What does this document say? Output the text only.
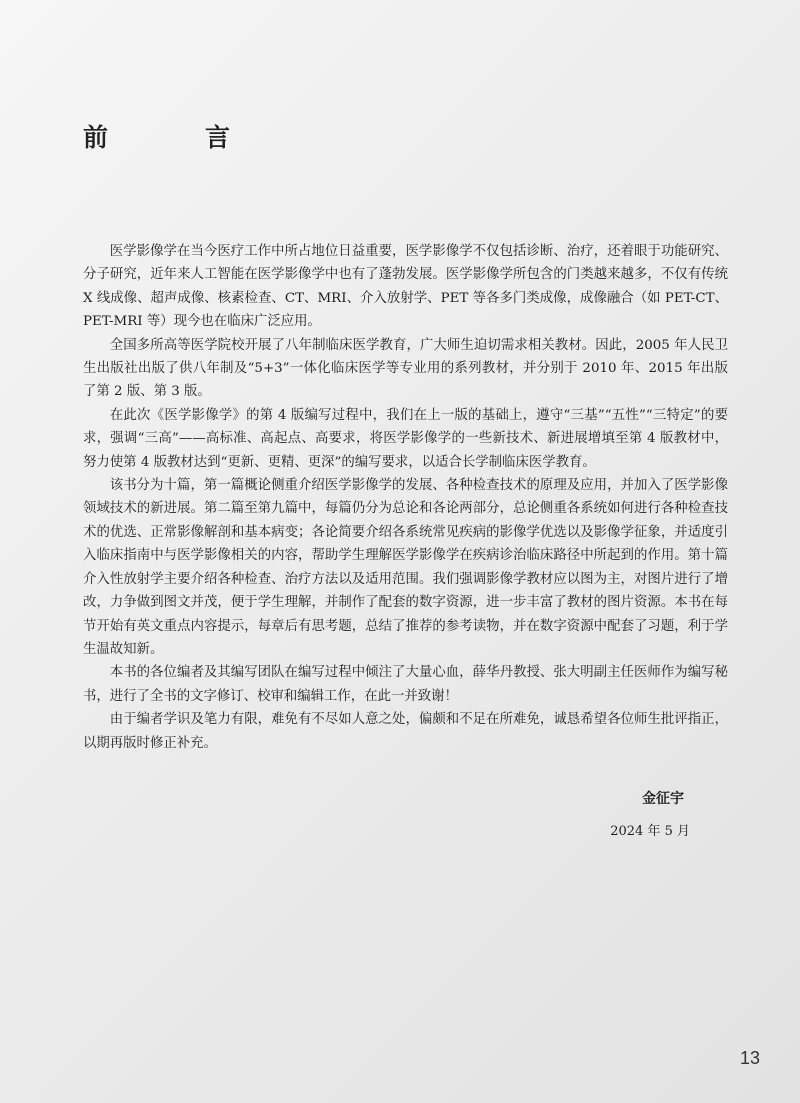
前　言

医学影像学在当今医疗工作中所占地位日益重要，医学影像学不仅包括诊断、治疗，还着眼于功能研究、分子研究，近年来人工智能在医学影像学中也有了蓬勃发展。医学影像学所包含的门类越来越多，不仅有传统 X 线成像、超声成像、核素检查、CT、MRI、介入放射学、PET 等各多门类成像，成像融合（如 PET-CT、PET-MRI 等）现今也在临床广泛应用。

全国多所高等医学院校开展了八年制临床医学教育，广大师生迫切需求相关教材。因此，2005 年人民卫生出版社出版了供八年制及“5+3”一体化临床医学等专业用的系列教材，并分别于 2010 年、2015 年出版了第 2 版、第 3 版。

在此次《医学影像学》的第 4 版编写过程中，我们在上一版的基础上，遵守“三基”“五性”“三特定”的要求，强调“三高”——高标准、高起点、高要求，将医学影像学的一些新技术、新进展增填至第 4 版教材中，努力使第 4 版教材达到“更新、更精、更深”的编写要求，以适合长学制临床医学教育。

该书分为十篇，第一篇概论侧重介绍医学影像学的发展、各种检查技术的原理及应用，并加入了医学影像领域技术的新进展。第二篇至第九篇中，每篇仍分为总论和各论两部分，总论侧重各系统如何进行各种检查技术的优选、正常影像解剖和基本病变；各论简要介绍各系统常见疾病的影像学优选以及影像学征象，并适度引入临床指南中与医学影像相关的内容，帮助学生理解医学影像学在疾病诊治临床路径中所起到的作用。第十篇介入性放射学主要介绍各种检查、治疗方法以及适用范围。我们强调影像学教材应以图为主，对图片进行了增改，力争做到图文并茂，便于学生理解，并制作了配套的数字资源，进一步丰富了教材的图片资源。本书在每节开始有英文重点内容提示，每章后有思考题，总结了推荐的参考读物，并在数字资源中配套了习题，利于学生温故知新。

本书的各位编者及其编写团队在编写过程中倾注了大量心血，薛华丹教授、张大明副主任医师作为编写秘书，进行了全书的文字修订、校审和编辑工作，在此一并致谢！

由于编者学识及笔力有限，难免有不尽如人意之处，偏颇和不足在所难免，诚恳希望各位师生批评指正，以期再版时修正补充。

金征宇
2024 年 5 月
13
